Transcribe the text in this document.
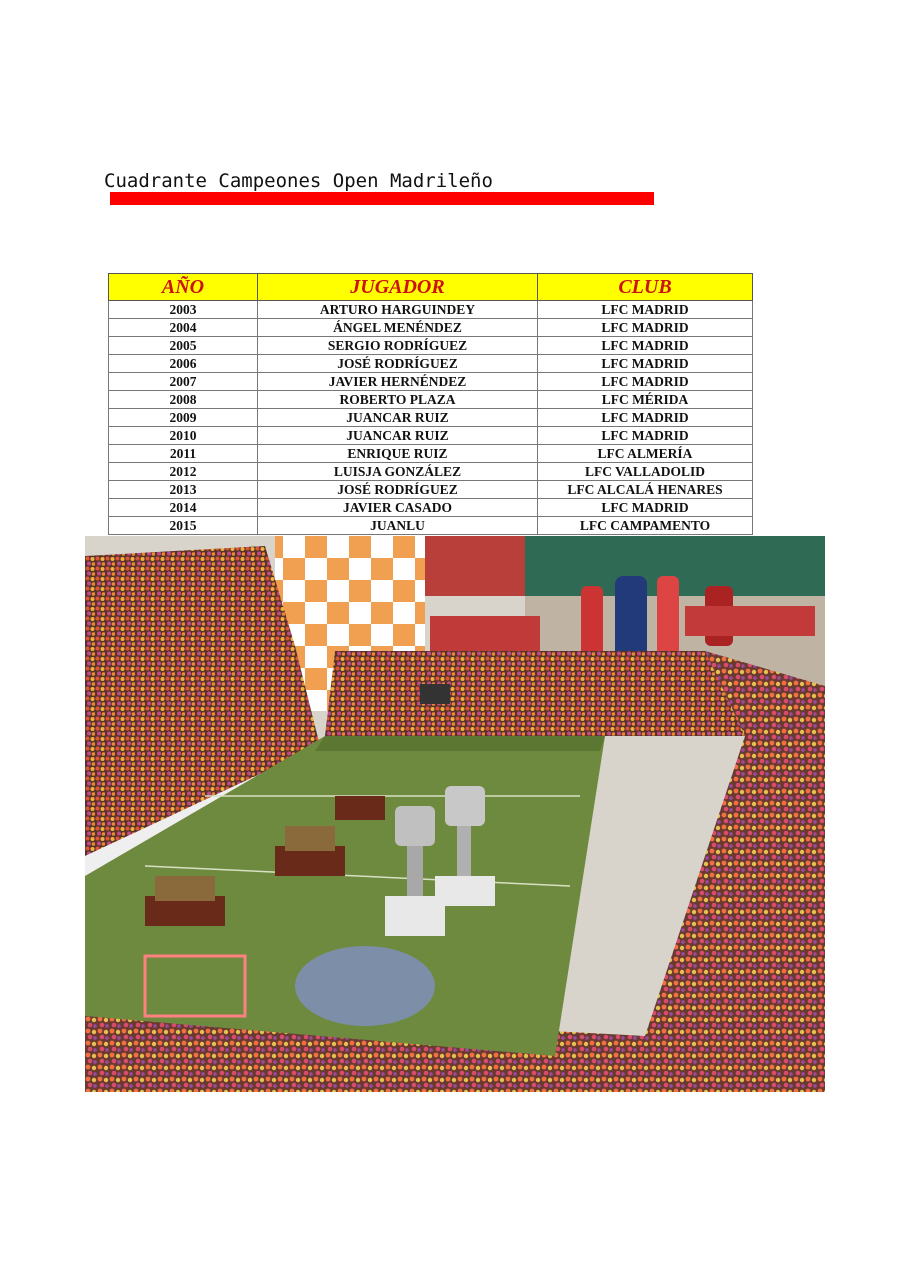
Cuadrante Campeones Open Madrileño
AÑO	JUGADOR	CLUB
2003	ARTURO HARGUINDEY	LFC MADRID
2004	ÁNGEL MENÉNDEZ	LFC MADRID
2005	SERGIO RODRÍGUEZ	LFC MADRID
2006	JOSÉ RODRÍGUEZ	LFC MADRID
2007	JAVIER HERNÉNDEZ	LFC MADRID
2008	ROBERTO PLAZA	LFC MÉRIDA
2009	JUANCAR RUIZ	LFC MADRID
2010	JUANCAR RUIZ	LFC MADRID
2011	ENRIQUE RUIZ	LFC ALMERÍA
2012	LUISJA GONZÁLEZ	LFC VALLADOLID
2013	JOSÉ RODRÍGUEZ	LFC ALCALÁ HENARES
2014	JAVIER CASADO	LFC MADRID
2015	JUANLU	LFC CAMPAMENTO
